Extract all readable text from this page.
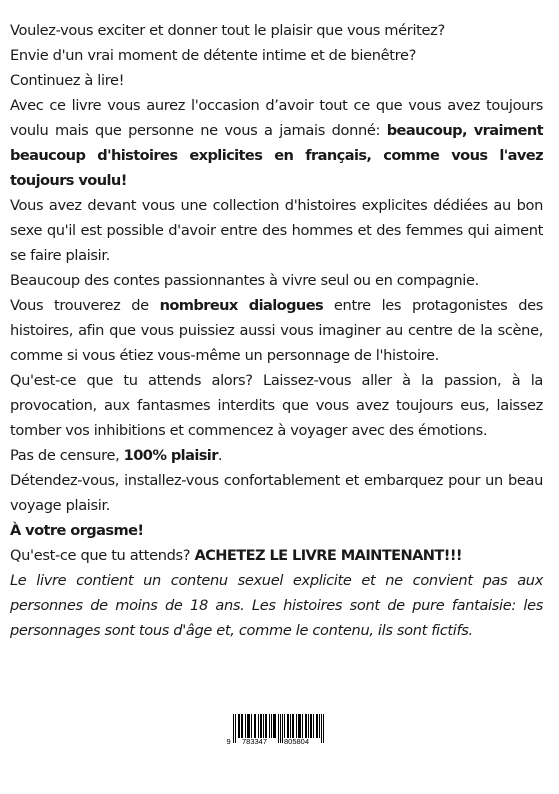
Voulez-vous exciter et donner tout le plaisir que vous méritez?

Envie d'un vrai moment de détente intime et de bienêtre?

Continuez à lire!

Avec ce livre vous aurez l'occasion d’avoir tout ce que vous avez toujours voulu mais que personne ne vous a jamais donné: beaucoup, vraiment beaucoup d'histoires explicites en français, comme vous l'avez toujours voulu!

Vous avez devant vous une collection d'histoires explicites dédiées au bon sexe qu'il est possible d'avoir entre des hommes et des femmes qui aiment se faire plaisir.

Beaucoup des contes passionnantes à vivre seul ou en compagnie.

Vous trouverez de nombreux dialogues entre les protagonistes des histoires, afin que vous puissiez aussi vous imaginer au centre de la scène, comme si vous étiez vous-même un personnage de l'histoire.

Qu'est-ce que tu attends alors? Laissez-vous aller à la passion, à la provocation, aux fantasmes interdits que vous avez toujours eus, laissez tomber vos inhibitions et commencez à voyager avec des émotions.

Pas de censure, 100% plaisir.

Détendez-vous, installez-vous confortablement et embarquez pour un beau voyage plaisir.

À votre orgasme!

Qu'est-ce que tu attends? ACHETEZ LE LIVRE MAINTENANT!!!

Le livre contient un contenu sexuel explicite et ne convient pas aux personnes de moins de 18 ans. Les histoires sont de pure fantaisie: les personnages sont tous d'âge et, comme le contenu, ils sont fictifs.

9 783347 805804
